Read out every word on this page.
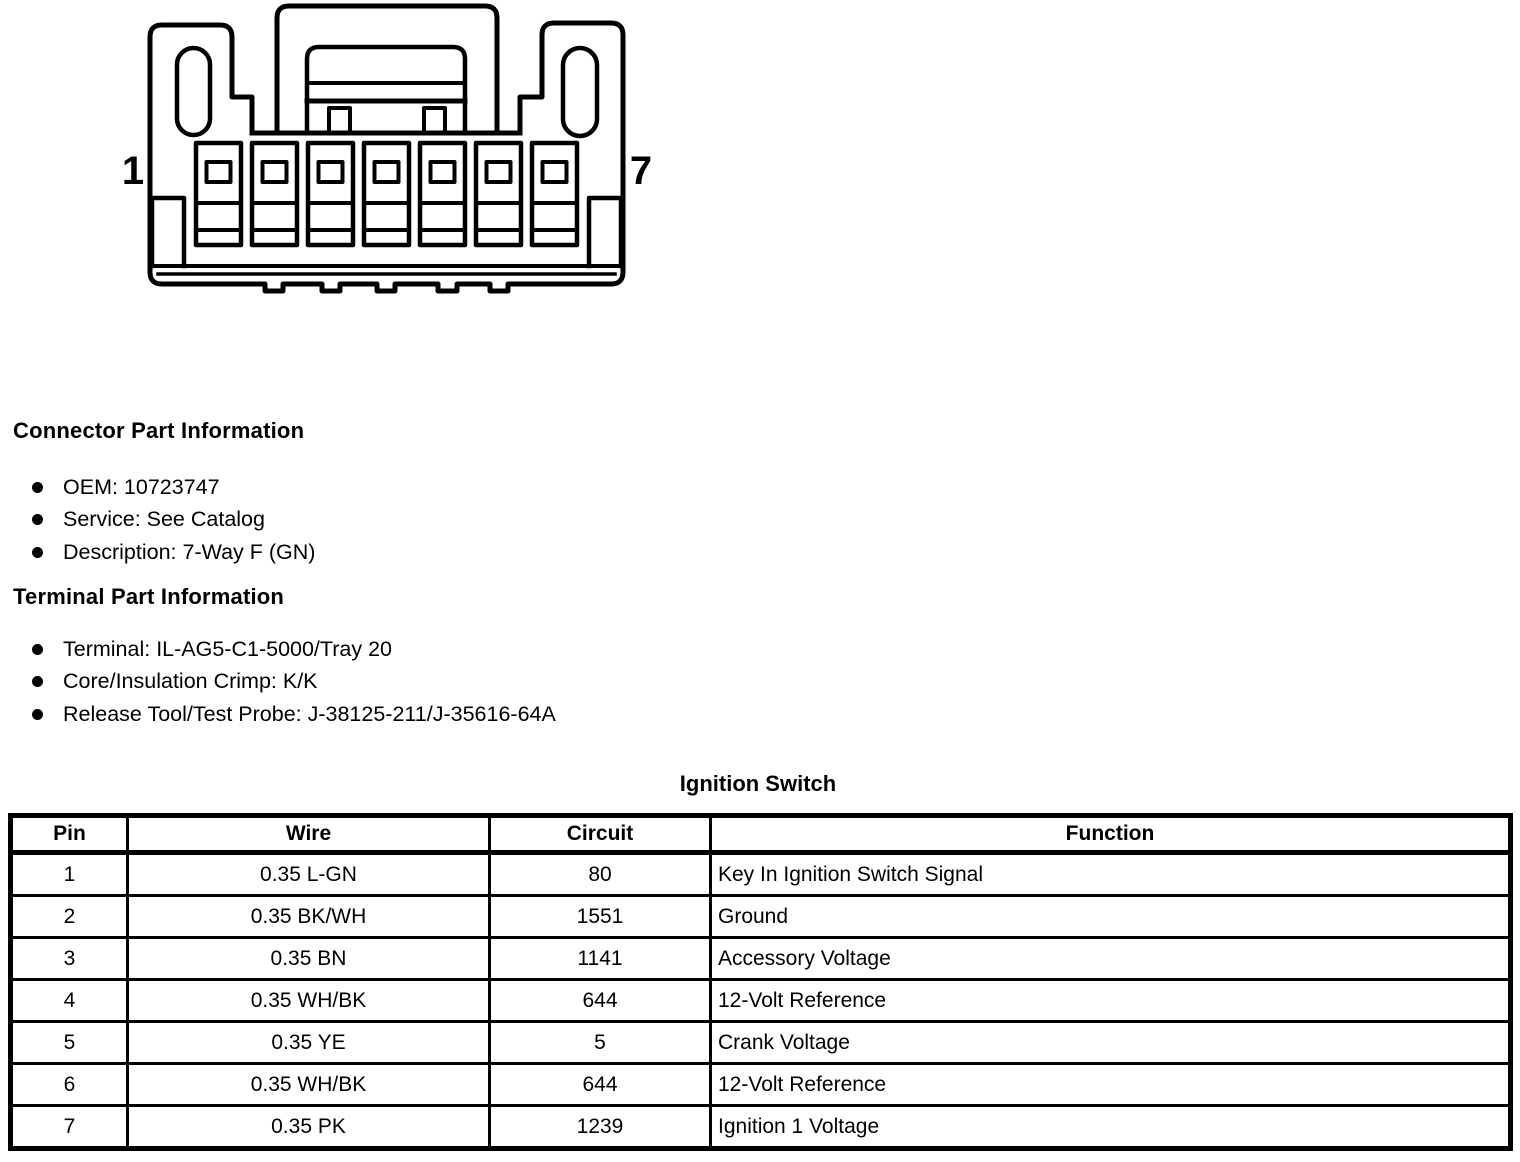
1	7
Connector Part Information
OEM: 10723747
Service: See Catalog
Description: 7-Way F (GN)
Terminal Part Information
Terminal: IL-AG5-C1-5000/Tray 20
Core/Insulation Crimp: K/K
Release Tool/Test Probe: J-38125-211/J-35616-64A
Ignition Switch
Pin	Wire	Circuit	Function
1	0.35 L-GN	80	Key In Ignition Switch Signal
2	0.35 BK/WH	1551	Ground
3	0.35 BN	1141	Accessory Voltage
4	0.35 WH/BK	644	12-Volt Reference
5	0.35 YE	5	Crank Voltage
6	0.35 WH/BK	644	12-Volt Reference
7	0.35 PK	1239	Ignition 1 Voltage
